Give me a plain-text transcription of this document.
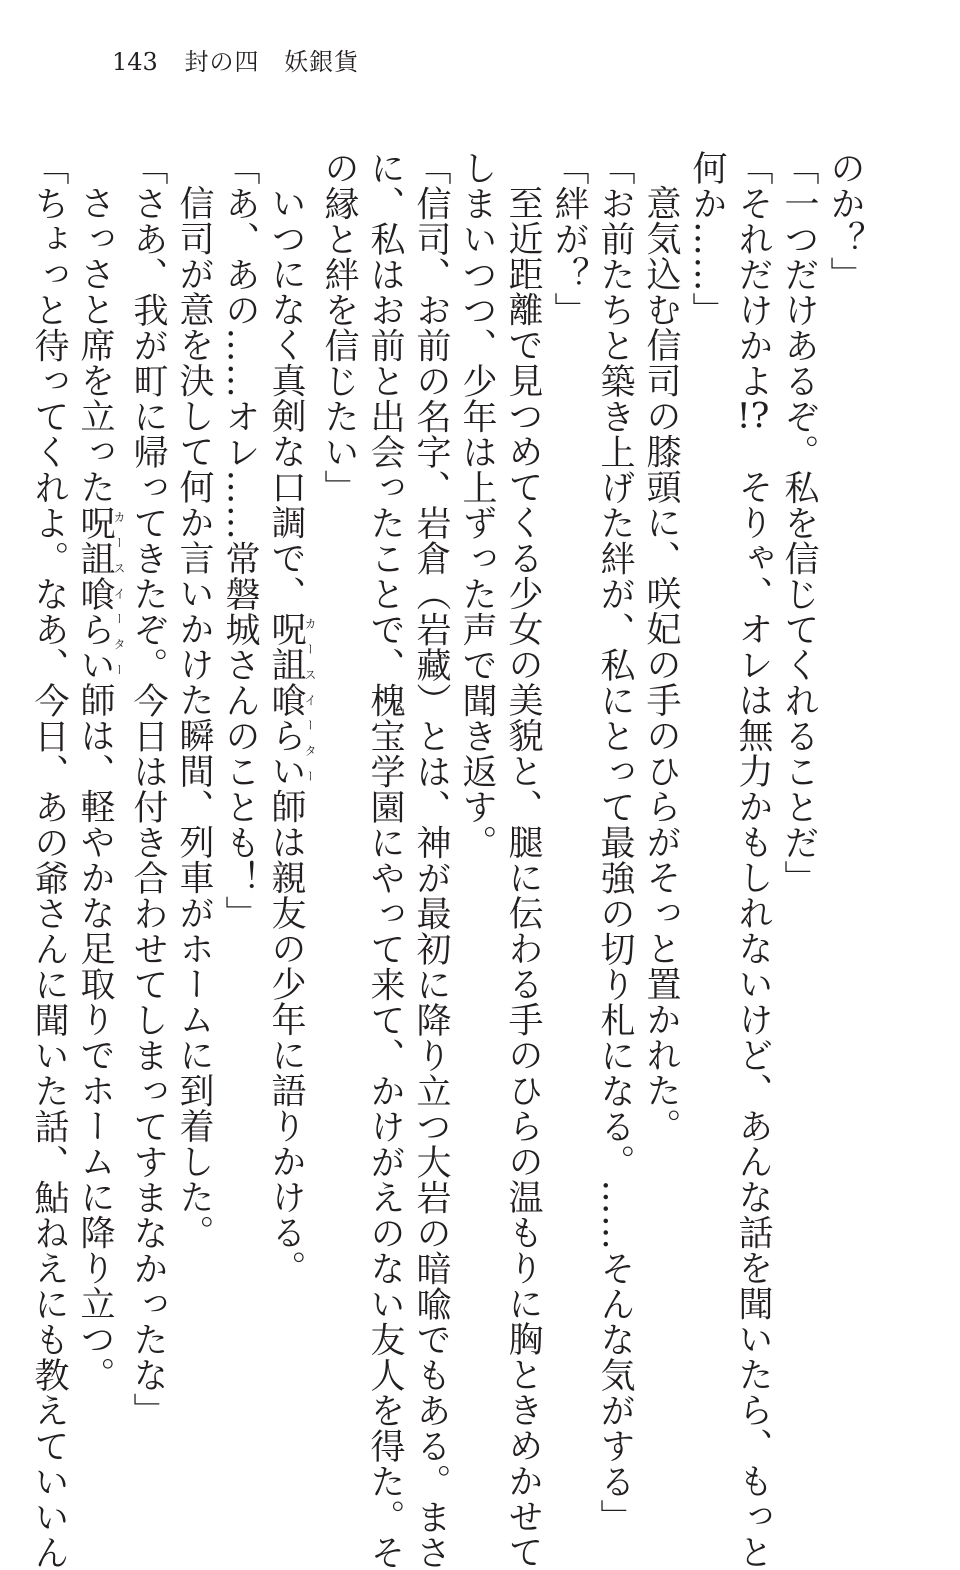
143 封の四 妖銀貨

のか？」

「一つだけあるぞ。私を信じてくれることだ」

「それだけかよ!?　そりゃ、オレは無力かもしれないけど、あんな話を聞いたら、もっと

何か……」

意気込む信司の膝頭に、咲妃の手のひらがそっと置かれた。

「お前たちと築き上げた絆が、私にとって最強の切り札になる。……そんな気がする」

「絆が？」

至近距離で見つめてくる少女の美貌と、腿に伝わる手のひらの温もりに胸ときめかせて

しまいつつ、少年は上ずった声で聞き返す。

「信司、お前の名字、岩倉（岩藏）とは、神が最初に降り立つ大岩の暗喩でもある。まさ

に、私はお前と出会ったことで、槐宝学園にやって来て、かけがえのない友人を得た。そ

の縁と絆を信じたい」

いつになく真剣な口調で、呪詛喰らいカースイーター師は親友の少年に語りかける。

「あ、あの……オレ……常磐城さんのことも！」

信司が意を決して何か言いかけた瞬間、列車がホームに到着した。

「さあ、我が町に帰ってきたぞ。今日は付き合わせてしまってすまなかったな」

さっさと席を立った呪詛喰らいカースイーター師は、軽やかな足取りでホームに降り立つ。

「ちょっと待ってくれよ。なあ、今日、あの爺さんに聞いた話、鮎ねえにも教えていいん
